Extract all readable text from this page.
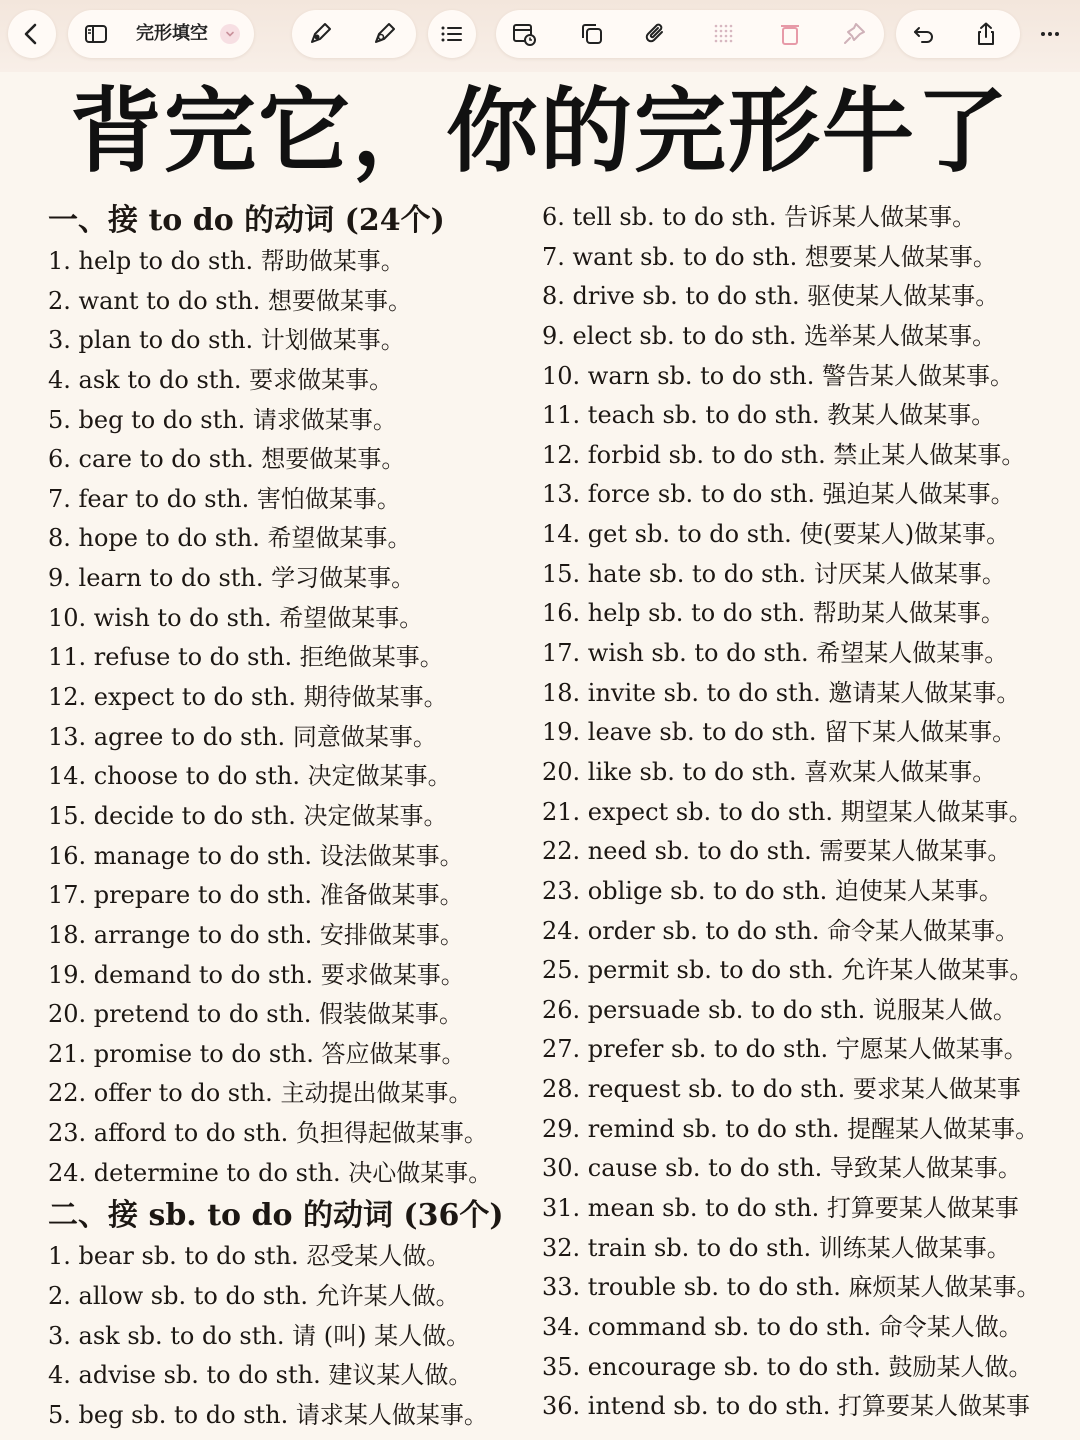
完形填空
背完它，你的完形牛了
一、接 to do 的动词 (24个)
1. help to do sth. 帮助做某事。
2. want to do sth. 想要做某事。
3. plan to do sth. 计划做某事。
4. ask to do sth. 要求做某事。
5. beg to do sth. 请求做某事。
6. care to do sth. 想要做某事。
7. fear to do sth. 害怕做某事。
8. hope to do sth. 希望做某事。
9. learn to do sth. 学习做某事。
10. wish to do sth. 希望做某事。
11. refuse to do sth. 拒绝做某事。
12. expect to do sth. 期待做某事。
13. agree to do sth. 同意做某事。
14. choose to do sth. 决定做某事。
15. decide to do sth. 决定做某事。
16. manage to do sth. 设法做某事。
17. prepare to do sth. 准备做某事。
18. arrange to do sth. 安排做某事。
19. demand to do sth. 要求做某事。
20. pretend to do sth. 假装做某事。
21. promise to do sth. 答应做某事。
22. offer to do sth. 主动提出做某事。
23. afford to do sth. 负担得起做某事。
24. determine to do sth. 决心做某事。
二、接 sb. to do 的动词 (36个)
1. bear sb. to do sth. 忍受某人做。
2. allow sb. to do sth. 允许某人做。
3. ask sb. to do sth. 请 (叫) 某人做。
4. advise sb. to do sth. 建议某人做。
5. beg sb. to do sth. 请求某人做某事。
6. tell sb. to do sth. 告诉某人做某事。
7. want sb. to do sth. 想要某人做某事。
8. drive sb. to do sth. 驱使某人做某事。
9. elect sb. to do sth. 选举某人做某事。
10. warn sb. to do sth. 警告某人做某事。
11. teach sb. to do sth. 教某人做某事。
12. forbid sb. to do sth. 禁止某人做某事。
13. force sb. to do sth. 强迫某人做某事。
14. get sb. to do sth. 使(要某人)做某事。
15. hate sb. to do sth. 讨厌某人做某事。
16. help sb. to do sth. 帮助某人做某事。
17. wish sb. to do sth. 希望某人做某事。
18. invite sb. to do sth. 邀请某人做某事。
19. leave sb. to do sth. 留下某人做某事。
20. like sb. to do sth. 喜欢某人做某事。
21. expect sb. to do sth. 期望某人做某事。
22. need sb. to do sth. 需要某人做某事。
23. oblige sb. to do sth. 迫使某人某事。
24. order sb. to do sth. 命令某人做某事。
25. permit sb. to do sth. 允许某人做某事。
26. persuade sb. to do sth. 说服某人做。
27. prefer sb. to do sth. 宁愿某人做某事。
28. request sb. to do sth. 要求某人做某事
29. remind sb. to do sth. 提醒某人做某事。
30. cause sb. to do sth. 导致某人做某事。
31. mean sb. to do sth. 打算要某人做某事
32. train sb. to do sth. 训练某人做某事。
33. trouble sb. to do sth. 麻烦某人做某事。
34. command sb. to do sth. 命令某人做。
35. encourage sb. to do sth. 鼓励某人做。
36. intend sb. to do sth. 打算要某人做某事
